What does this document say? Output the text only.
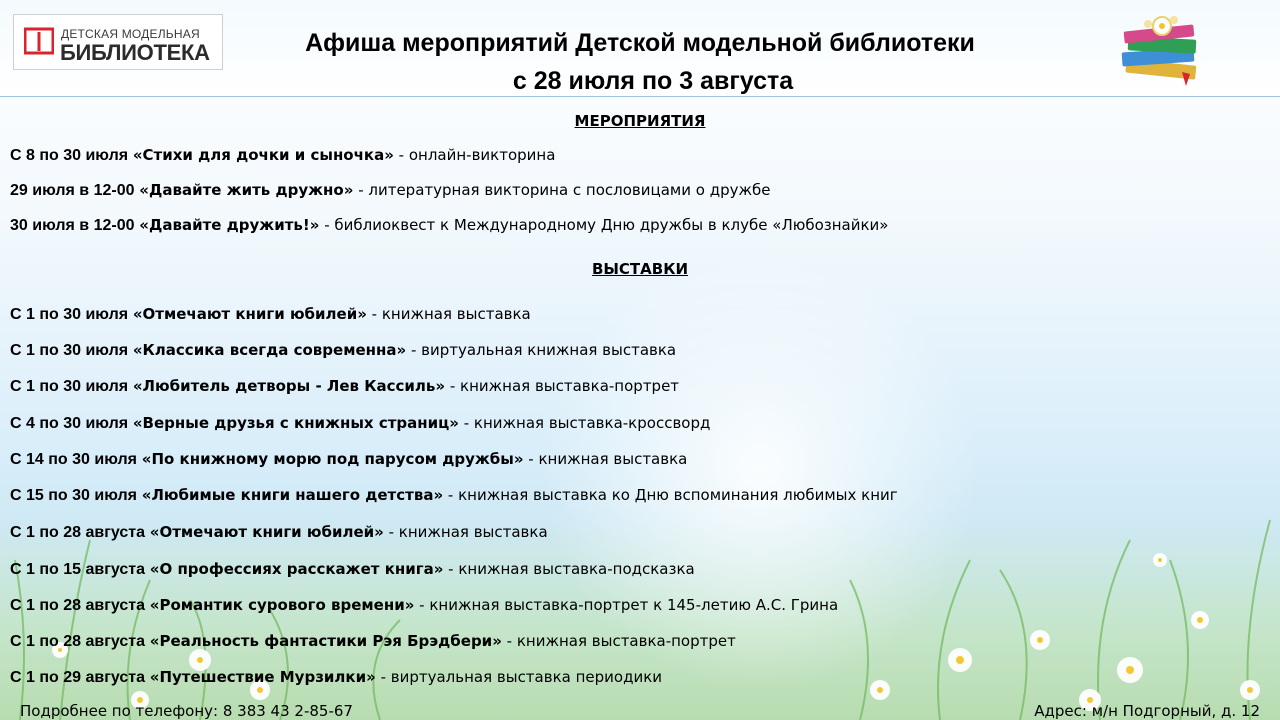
ДЕТСКАЯ МОДЕЛЬНАЯ
БИБЛИОТЕКА	Афиша мероприятий Детской модельной библиотеки
с 28 июля по 3 августа
МЕРОПРИЯТИЯ
С 8 по 30 июля «Стихи для дочки и сыночка» - онлайн-викторина
29 июля в 12-00 «Давайте жить дружно» - литературная викторина с пословицами о дружбе
30 июля в 12-00 «Давайте дружить!» - библиоквест к Международному Дню дружбы в клубе «Любознайки»
ВЫСТАВКИ
С 1 по 30 июля «Отмечают книги юбилей» - книжная выставка
С 1 по 30 июля «Классика всегда современна» - виртуальная книжная выставка
С 1 по 30 июля «Любитель детворы - Лев Кассиль» - книжная выставка-портрет
С 4 по 30 июля «Верные друзья с книжных страниц» - книжная выставка-кроссворд
С 14 по 30 июля «По книжному морю под парусом дружбы» - книжная выставка
С 15 по 30 июля «Любимые книги нашего детства» - книжная выставка ко Дню вспоминания любимых книг
С 1 по 28 августа «Отмечают книги юбилей» - книжная выставка
С 1 по 15 августа «О профессиях расскажет книга» - книжная выставка-подсказка
С 1 по 28 августа «Романтик сурового времени» - книжная выставка-портрет к 145-летию А.С. Грина
С 1 по 28 августа «Реальность фантастики Рэя Брэдбери» - книжная выставка-портрет
С 1 по 29 августа «Путешествие Мурзилки» - виртуальная выставка периодики
Подробнее по телефону: 8 383 43 2-85-67	Адрес: м/н Подгорный, д. 12
